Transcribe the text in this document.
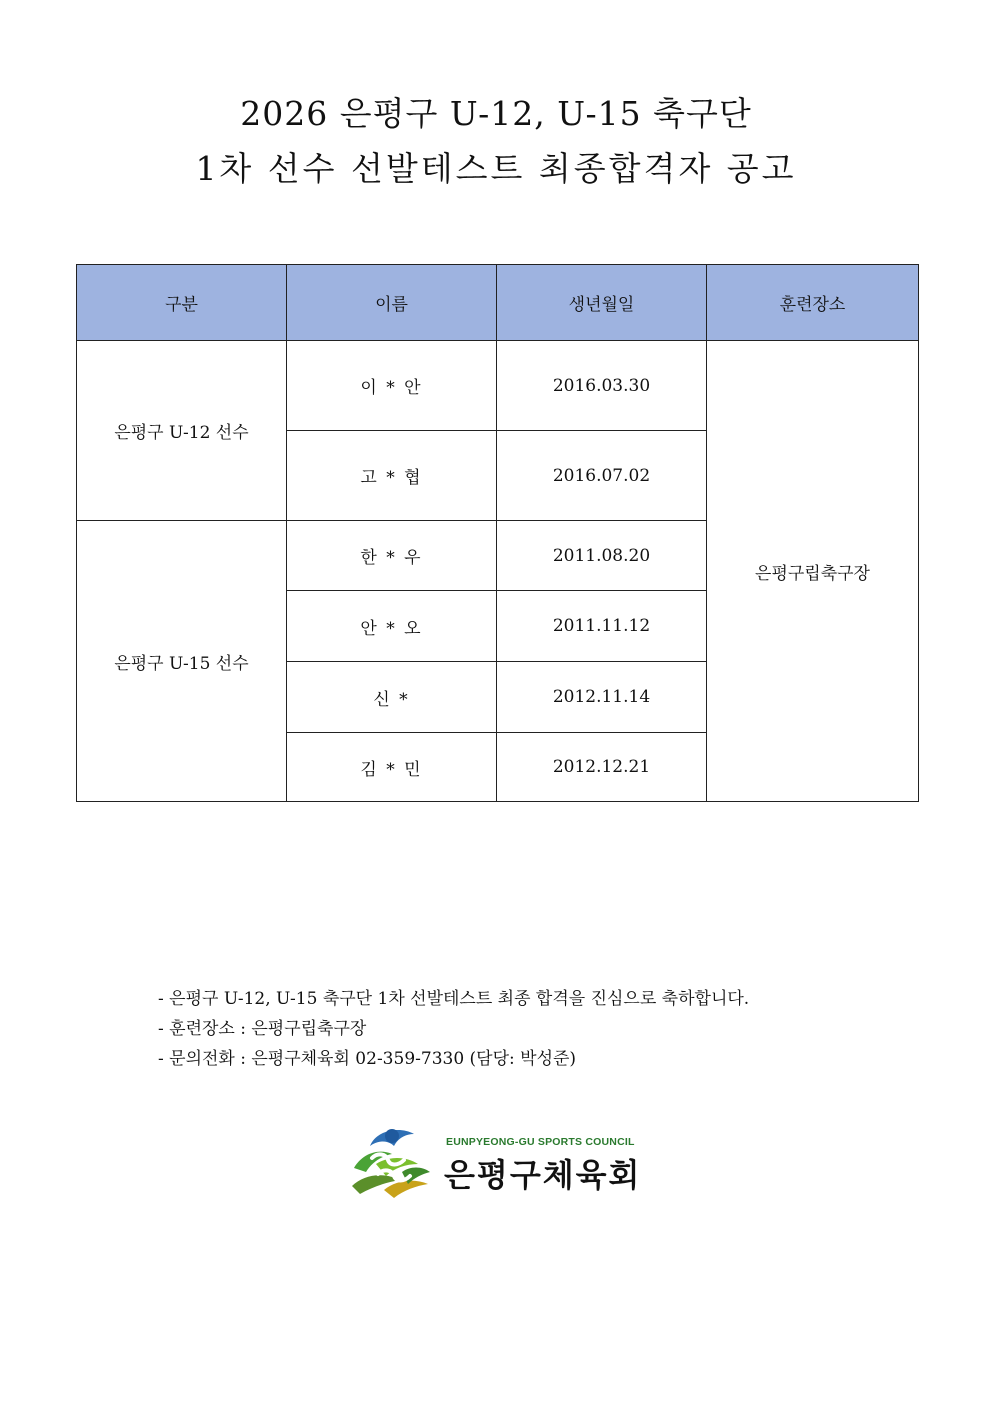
2026 은평구 U-12, U-15 축구단
1차 선수 선발테스트 최종합격자 공고
구분	이름	생년월일	훈련장소
은평구 U-12 선수	이 * 안	2016.03.30	은평구립축구장
	고 * 협	2016.07.02	
은평구 U-15 선수	한 * 우	2011.08.20	
	안 * 오	2011.11.12	
	신 *	2012.11.14	
	김 * 민	2012.12.21	
- 은평구 U-12, U-15 축구단 1차 선발테스트 최종 합격을 진심으로 축하합니다.
- 훈련장소 : 은평구립축구장
- 문의전화 : 은평구체육회 02-359-7330 (담당: 박성준)
EUNPYEONG-GU SPORTS COUNCIL
은평구체육회
